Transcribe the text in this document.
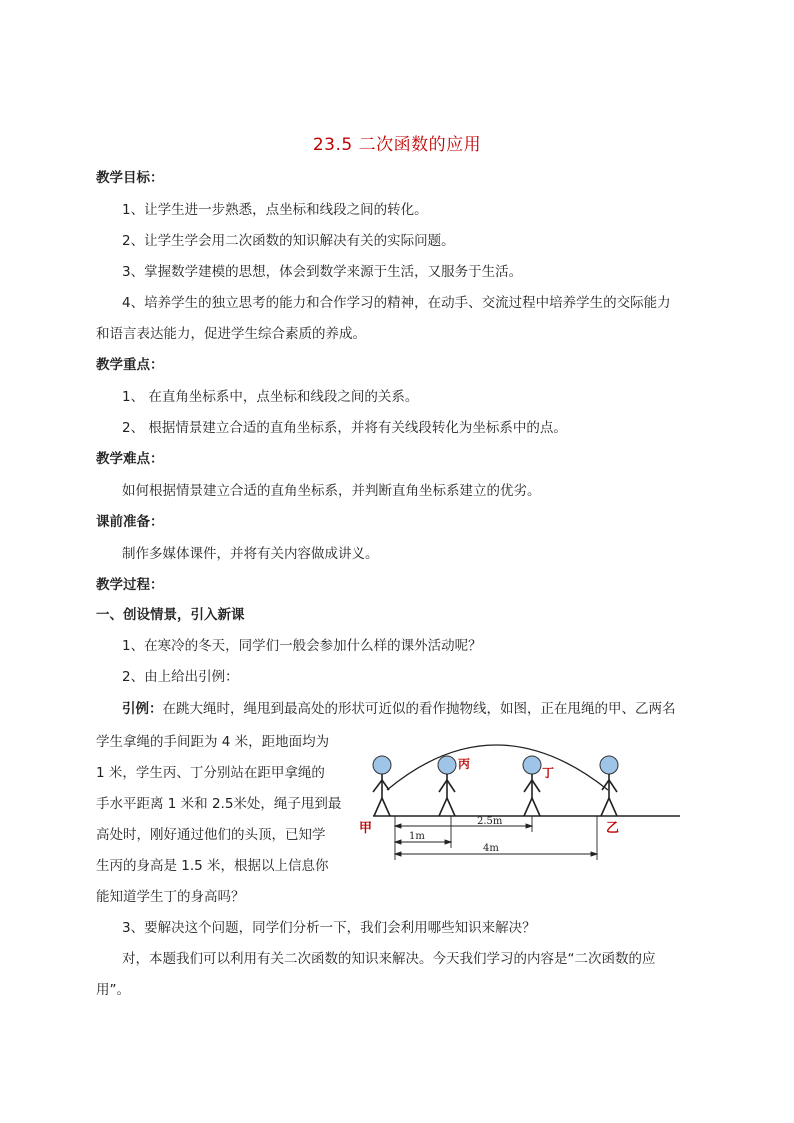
23.5 二次函数的应用
教学目标：
1、让学生进一步熟悉，点坐标和线段之间的转化。
2、让学生学会用二次函数的知识解决有关的实际问题。
3、掌握数学建模的思想，体会到数学来源于生活，又服务于生活。
4、培养学生的独立思考的能力和合作学习的精神，在动手、交流过程中培养学生的交际能力
和语言表达能力，促进学生综合素质的养成。
教学重点：
1、 在直角坐标系中，点坐标和线段之间的关系。
2、 根据情景建立合适的直角坐标系，并将有关线段转化为坐标系中的点。
教学难点：
如何根据情景建立合适的直角坐标系，并判断直角坐标系建立的优劣。
课前准备：
制作多媒体课件，并将有关内容做成讲义。
教学过程：
一、创设情景，引入新课
1、在寒冷的冬天，同学们一般会参加什么样的课外活动呢？
2、由上给出引例：
引例：在跳大绳时，绳甩到最高处的形状可近似的看作抛物线，如图，正在甩绳的甲、乙两名
学生拿绳的手间距为 4 米，距地面均为
1 米，学生丙、丁分别站在距甲拿绳的
手水平距离 1 米和 2.5米处，绳子甩到最
高处时，刚好通过他们的头顶，已知学
生丙的身高是 1.5 米，根据以上信息你
能知道学生丁的身高吗？
3、要解决这个问题，同学们分析一下，我们会利用哪些知识来解决？
对，本题我们可以利用有关二次函数的知识来解决。今天我们学习的内容是“二次函数的应
用”。
甲
丙
丁
乙
2.5m
1m
4m
